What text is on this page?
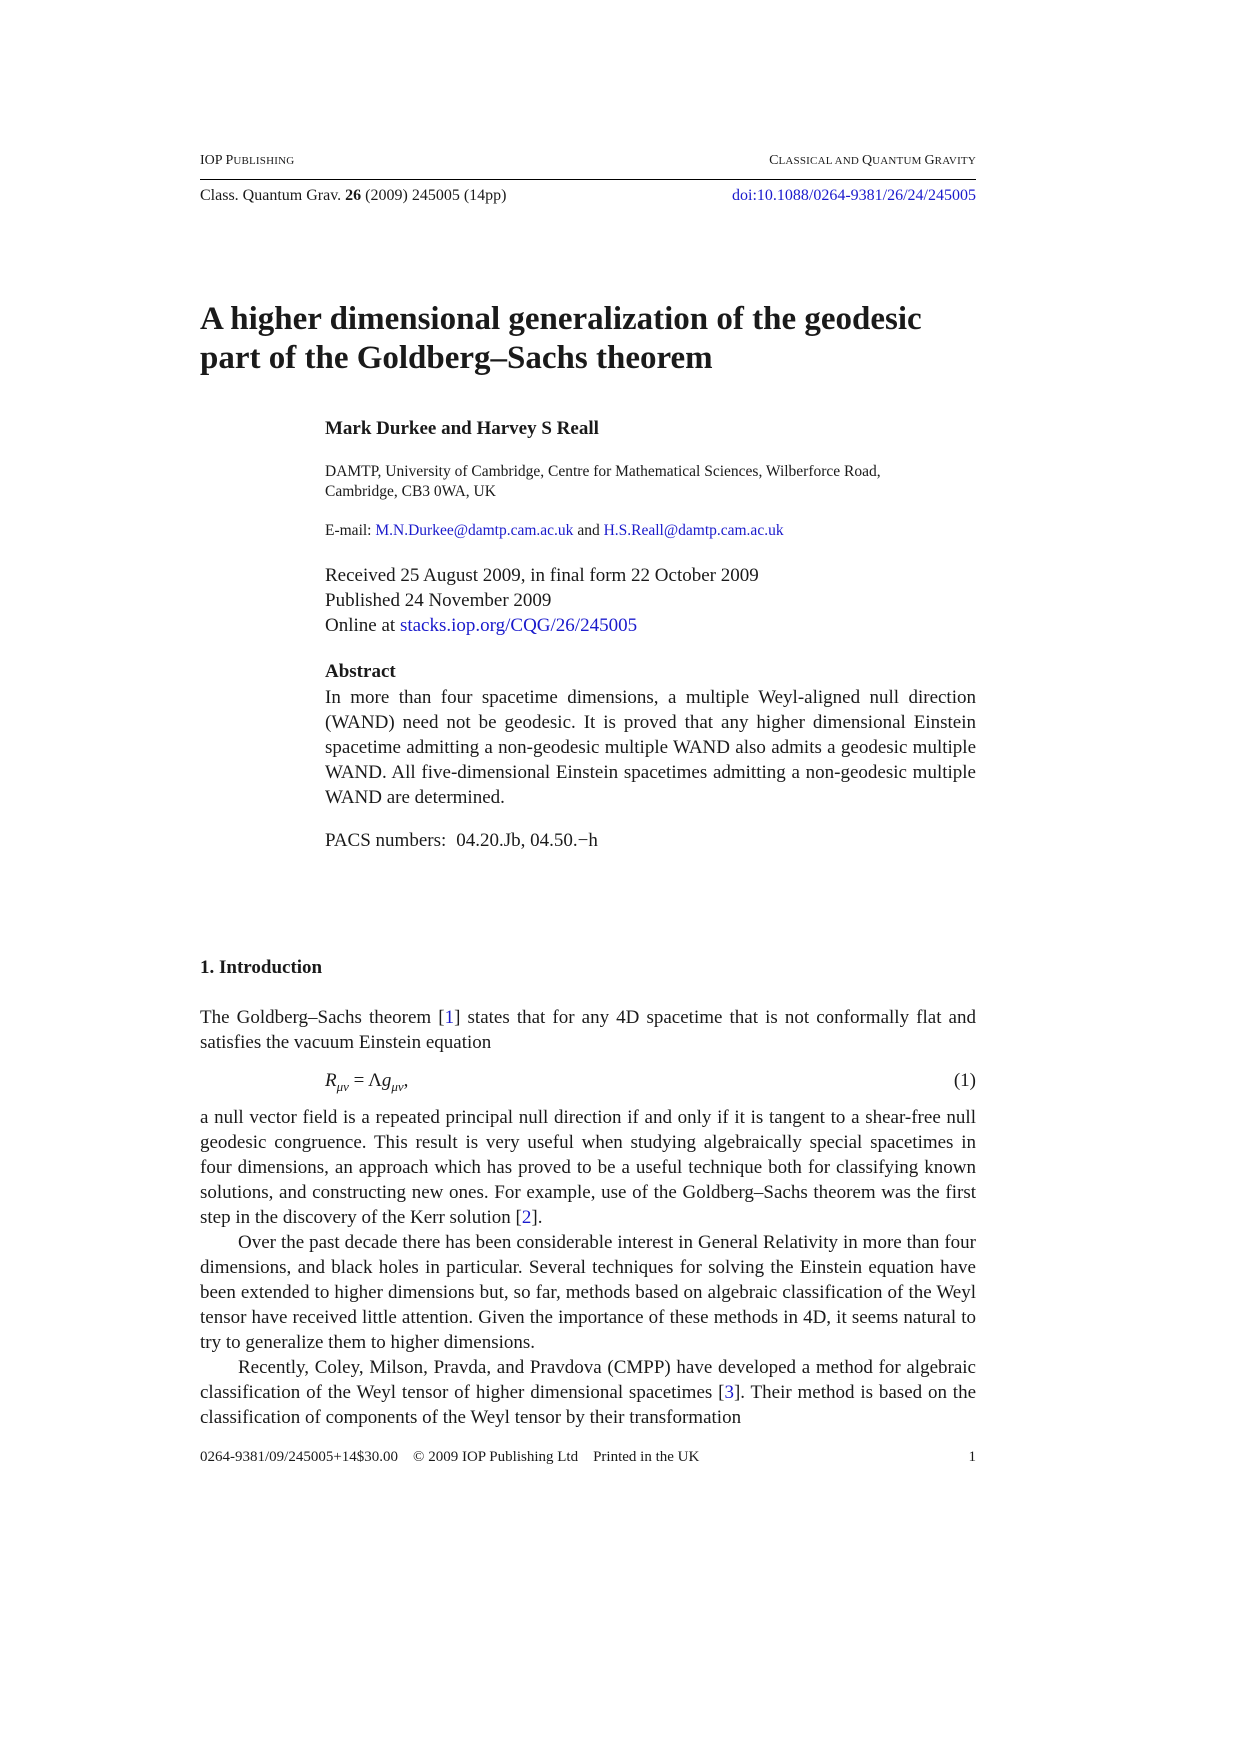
IOP PUBLISHING	CLASSICAL AND QUANTUM GRAVITY
Class. Quantum Grav. 26 (2009) 245005 (14pp)	doi:10.1088/0264-9381/26/24/245005
A higher dimensional generalization of the geodesic part of the Goldberg–Sachs theorem
Mark Durkee and Harvey S Reall
DAMTP, University of Cambridge, Centre for Mathematical Sciences, Wilberforce Road,
Cambridge, CB3 0WA, UK
E-mail: M.N.Durkee@damtp.cam.ac.uk and H.S.Reall@damtp.cam.ac.uk
Received 25 August 2009, in final form 22 October 2009
Published 24 November 2009
Online at stacks.iop.org/CQG/26/245005
Abstract

In more than four spacetime dimensions, a multiple Weyl-aligned null direction (WAND) need not be geodesic. It is proved that any higher dimensional Einstein spacetime admitting a non-geodesic multiple WAND also admits a geodesic multiple WAND. All five-dimensional Einstein spacetimes admitting a non-geodesic multiple WAND are determined.

PACS numbers: 04.20.Jb, 04.50.−h
1. Introduction

The Goldberg–Sachs theorem [1] states that for any 4D spacetime that is not conformally flat and satisfies the vacuum Einstein equation

$R_{\mu\nu} = \Lambda g_{\mu\nu}$,	(1)

a null vector field is a repeated principal null direction if and only if it is tangent to a shear-free null geodesic congruence. This result is very useful when studying algebraically special spacetimes in four dimensions, an approach which has proved to be a useful technique both for classifying known solutions, and constructing new ones. For example, use of the Goldberg–Sachs theorem was the first step in the discovery of the Kerr solution [2].

Over the past decade there has been considerable interest in General Relativity in more than four dimensions, and black holes in particular. Several techniques for solving the Einstein equation have been extended to higher dimensions but, so far, methods based on algebraic classification of the Weyl tensor have received little attention. Given the importance of these methods in 4D, it seems natural to try to generalize them to higher dimensions.

Recently, Coley, Milson, Pravda, and Pravdova (CMPP) have developed a method for algebraic classification of the Weyl tensor of higher dimensional spacetimes [3]. Their method is based on the classification of components of the Weyl tensor by their transformation

0264-9381/09/245005+14$30.00 © 2009 IOP Publishing Ltd Printed in the UK	1
